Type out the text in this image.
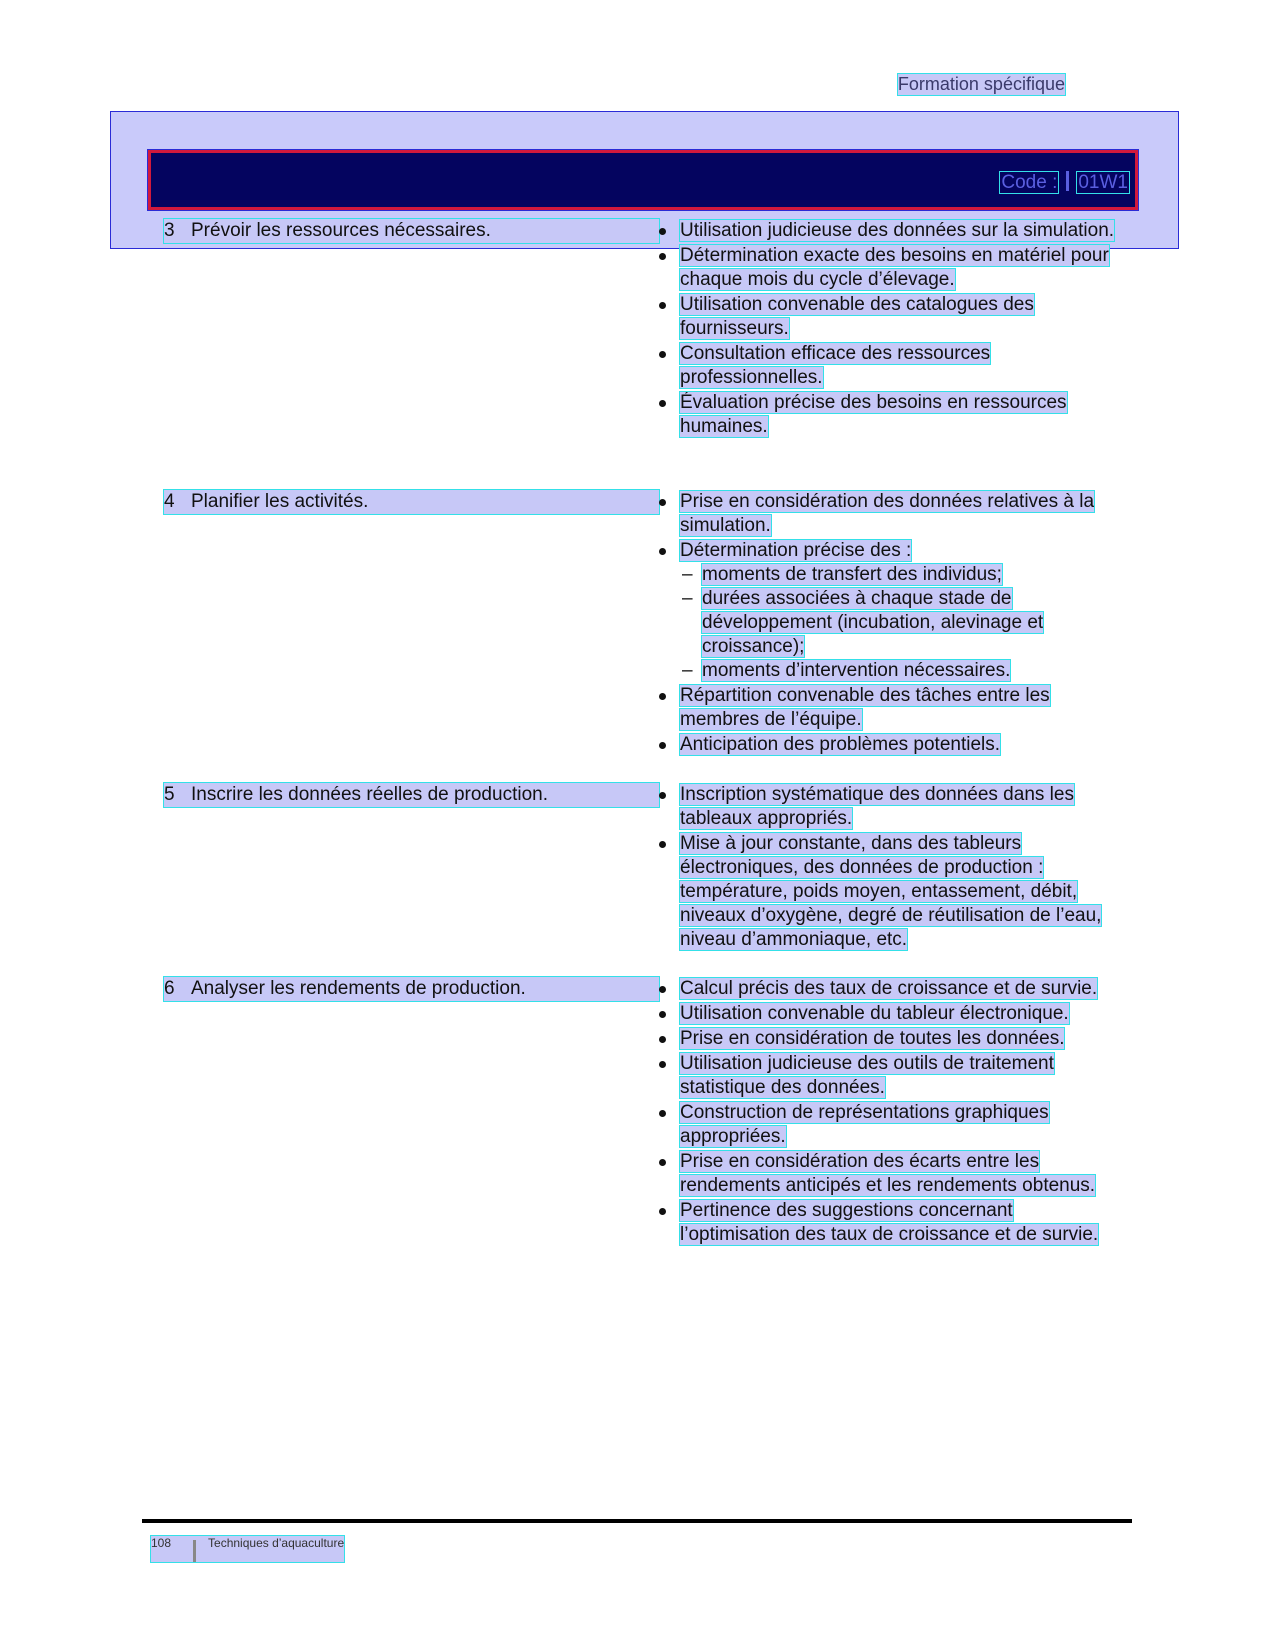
Formation spécifique
Code : 01W1
3 Prévoir les ressources nécessaires.	Utilisation judicieuse des données sur la simulation.
Détermination exacte des besoins en matériel pour chaque mois du cycle d’élevage.
Utilisation convenable des catalogues des fournisseurs.
Consultation efficace des ressources professionnelles.
Évaluation précise des besoins en ressources humaines.
4 Planifier les activités.	Prise en considération des données relatives à la simulation.
Détermination précise des :
– moments de transfert des individus;
– durées associées à chaque stade de développement (incubation, alevinage et croissance);
– moments d’intervention nécessaires.
Répartition convenable des tâches entre les membres de l’équipe.
Anticipation des problèmes potentiels.
5 Inscrire les données réelles de production.	Inscription systématique des données dans les tableaux appropriés.
Mise à jour constante, dans des tableurs électroniques, des données de production : température, poids moyen, entassement, débit, niveaux d’oxygène, degré de réutilisation de l’eau, niveau d’ammoniaque, etc.
6 Analyser les rendements de production.	Calcul précis des taux de croissance et de survie.
Utilisation convenable du tableur électronique.
Prise en considération de toutes les données.
Utilisation judicieuse des outils de traitement statistique des données.
Construction de représentations graphiques appropriées.
Prise en considération des écarts entre les rendements anticipés et les rendements obtenus.
Pertinence des suggestions concernant l’optimisation des taux de croissance et de survie.
108	Techniques d’aquaculture
